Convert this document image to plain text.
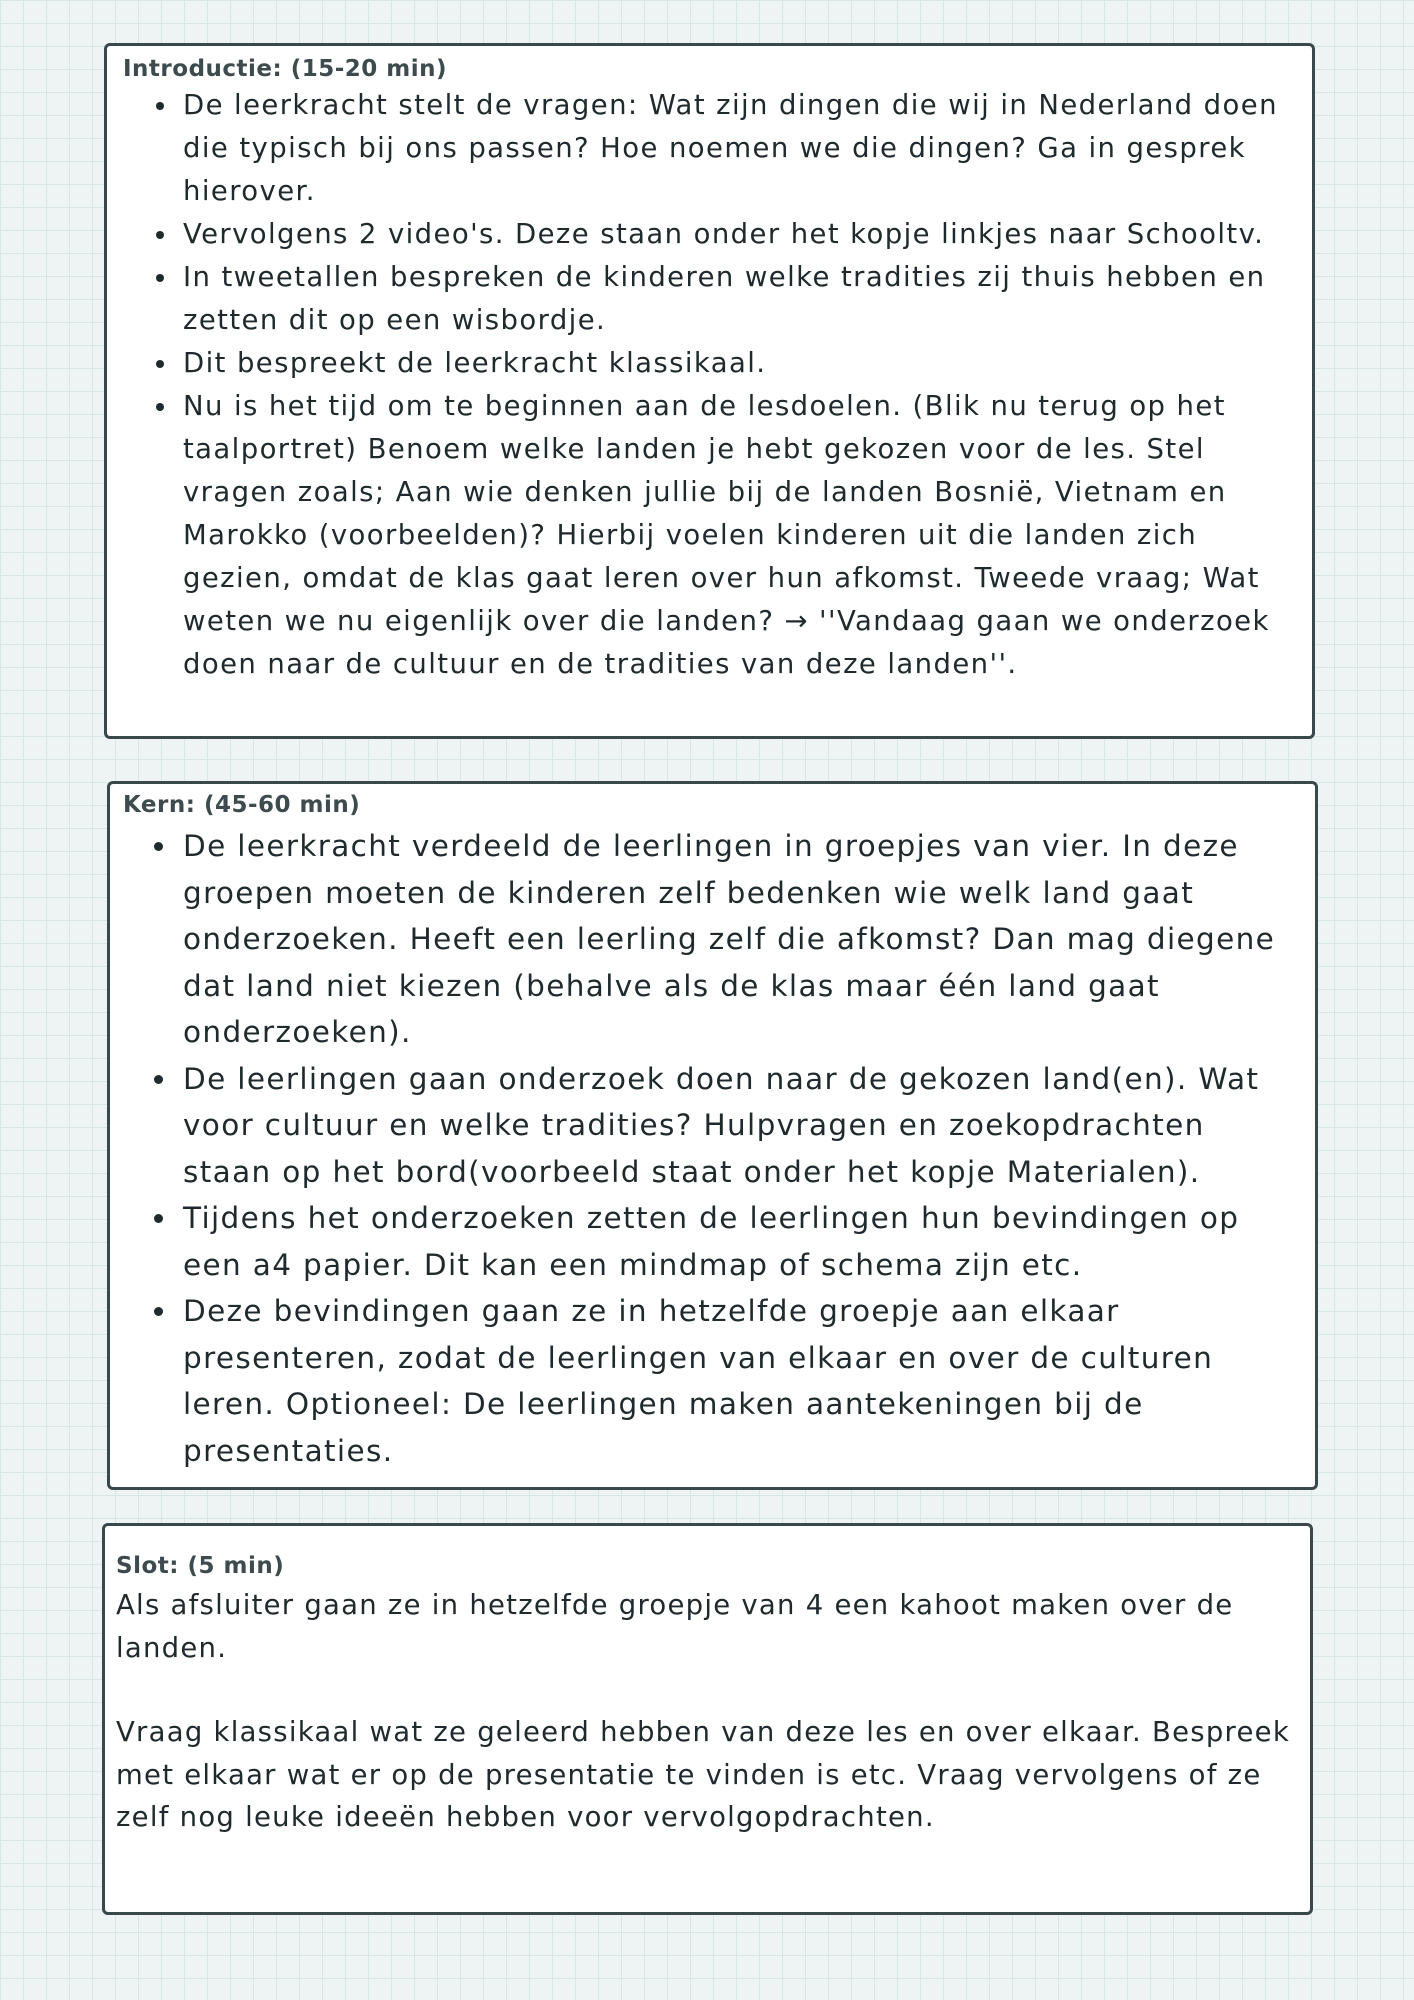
Introductie: (15-20 min)
• De leerkracht stelt de vragen: Wat zijn dingen die wij in Nederland doen die typisch bij ons passen? Hoe noemen we die dingen? Ga in gesprek hierover.
• Vervolgens 2 video's. Deze staan onder het kopje linkjes naar Schooltv.
• In tweetallen bespreken de kinderen welke tradities zij thuis hebben en zetten dit op een wisbordje.
• Dit bespreekt de leerkracht klassikaal.
• Nu is het tijd om te beginnen aan de lesdoelen. (Blik nu terug op het taalportret) Benoem welke landen je hebt gekozen voor de les. Stel vragen zoals; Aan wie denken jullie bij de landen Bosnië, Vietnam en Marokko (voorbeelden)? Hierbij voelen kinderen uit die landen zich gezien, omdat de klas gaat leren over hun afkomst. Tweede vraag; Wat weten we nu eigenlijk over die landen? → ''Vandaag gaan we onderzoek doen naar de cultuur en de tradities van deze landen''.
Kern: (45-60 min)
• De leerkracht verdeeld de leerlingen in groepjes van vier. In deze groepen moeten de kinderen zelf bedenken wie welk land gaat onderzoeken. Heeft een leerling zelf die afkomst? Dan mag diegene dat land niet kiezen (behalve als de klas maar één land gaat onderzoeken).
• De leerlingen gaan onderzoek doen naar de gekozen land(en). Wat voor cultuur en welke tradities? Hulpvragen en zoekopdrachten staan op het bord(voorbeeld staat onder het kopje Materialen).
• Tijdens het onderzoeken zetten de leerlingen hun bevindingen op een a4 papier. Dit kan een mindmap of schema zijn etc.
• Deze bevindingen gaan ze in hetzelfde groepje aan elkaar presenteren, zodat de leerlingen van elkaar en over de culturen leren. Optioneel: De leerlingen maken aantekeningen bij de presentaties.
Slot: (5 min)

Als afsluiter gaan ze in hetzelfde groepje van 4 een kahoot maken over de landen.

Vraag klassikaal wat ze geleerd hebben van deze les en over elkaar. Bespreek met elkaar wat er op de presentatie te vinden is etc. Vraag vervolgens of ze zelf nog leuke ideeën hebben voor vervolgopdrachten.
